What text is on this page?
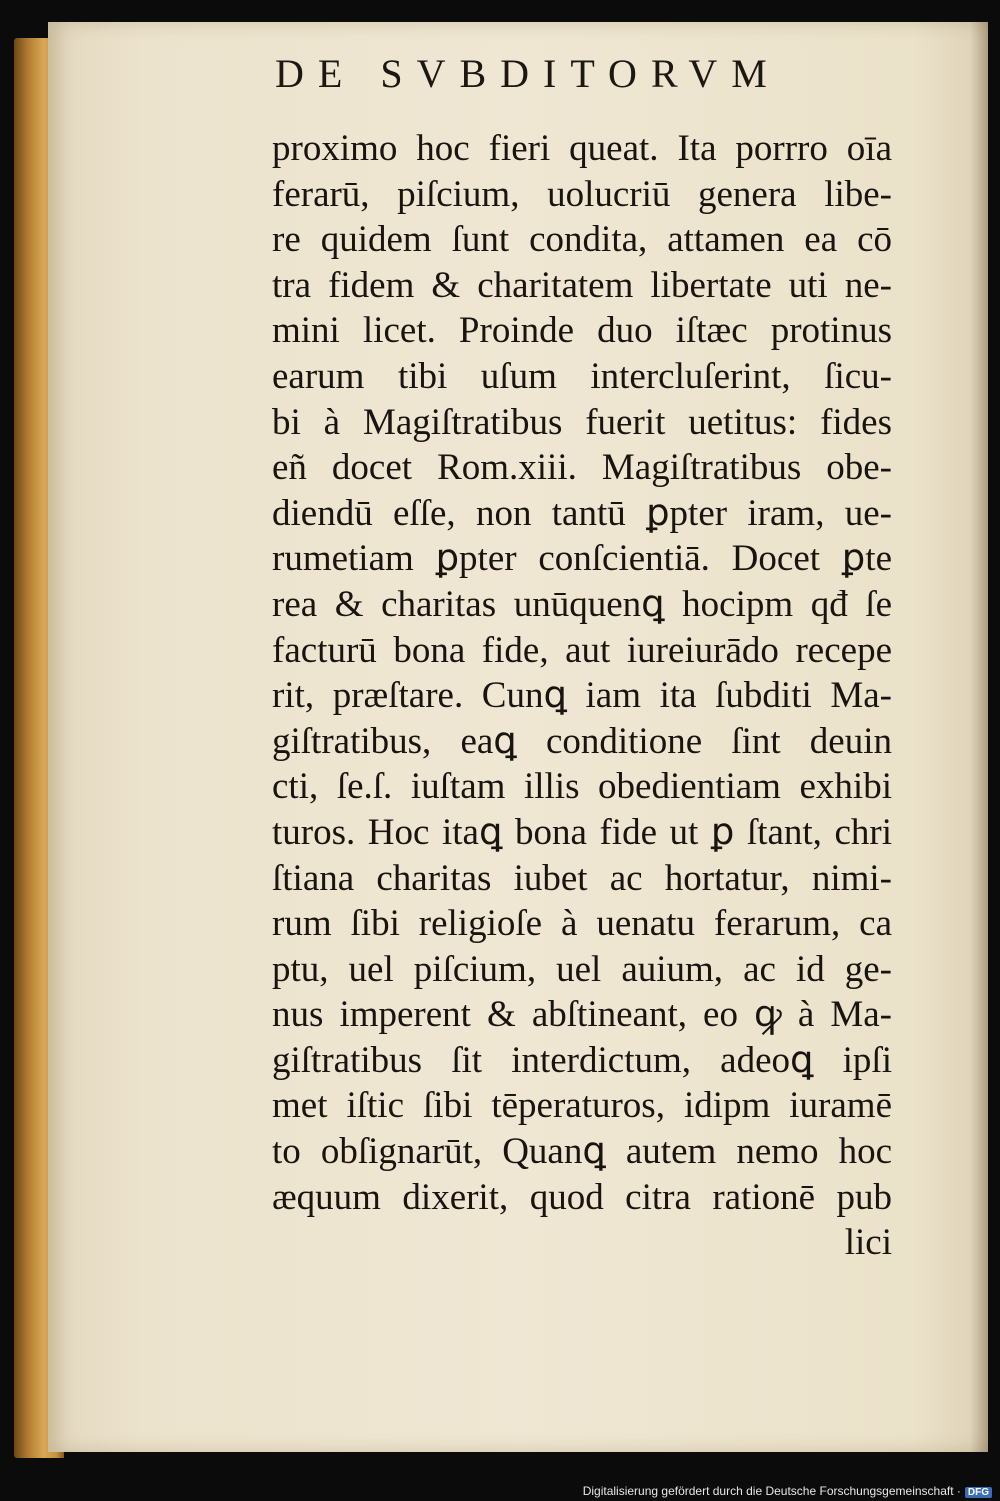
DE SVBDITORVM
proximo hoc fieri queat. Ita porrro oīa
ferarū, piſcium, uolucriū genera libe-
re quidem ſunt condita, attamen ea cō
tra fidem & charitatem libertate uti ne-
mini licet. Proinde duo iſtæc protinus
earum tibi uſum intercluſerint, ſicu-
bi à Magiſtratibus fuerit uetitus: fides
eñ docet Rom.xiii. Magiſtratibus obe-
diendū eſſe, non tantū ꝑpter iram, ue-
rumetiam ꝑpter conſcientiā. Docet ꝑte
rea & charitas unūquenꝗ hocipm qđ ſe
facturū bona fide, aut iureiurādo recepe
rit, præſtare. Cunꝗ iam ita ſubditi Ma-
giſtratibus, eaꝗ conditione ſint deuin
cti, ſe.ſ. iuſtam illis obedientiam exhibi
turos. Hoc itaꝗ bona fide ut ꝑ ſtant, chri
ſtiana charitas iubet ac hortatur, nimi-
rum ſibi religioſe à uenatu ferarum, ca
ptu, uel piſcium, uel auium, ac id ge-
nus imperent & abſtineant, eo ꝙ à Ma-
giſtratibus ſit interdictum, adeoꝗ ipſi
met iſtic ſibi tēperaturos, idipm iuramē
to obſignarūt, Quanꝗ autem nemo hoc
æquum dixerit, quod citra rationē pub
lici
Digitalisierung gefördert durch die Deutsche Forschungsgemeinschaft · DFG
